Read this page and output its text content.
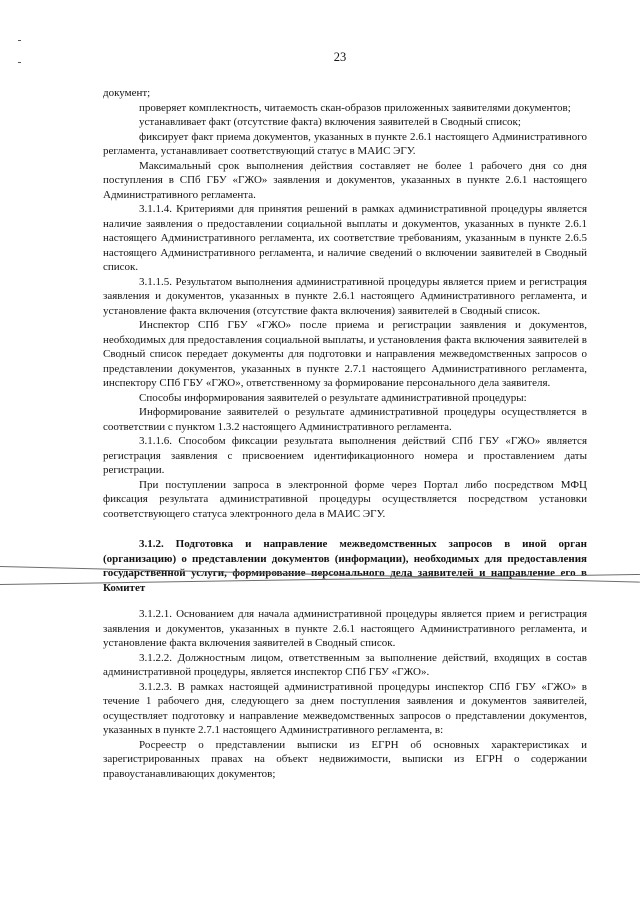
23

документ;

проверяет комплектность, читаемость скан-образов приложенных заявителями документов;

устанавливает факт (отсутствие факта) включения заявителей в Сводный список;

фиксирует факт приема документов, указанных в пункте 2.6.1 настоящего Административного регламента, устанавливает соответствующий статус в МАИС ЭГУ.

Максимальный срок выполнения действия составляет не более 1 рабочего дня со дня поступления в СПб ГБУ «ГЖО» заявления и документов, указанных в пункте 2.6.1 настоящего Административного регламента.

3.1.1.4. Критериями для принятия решений в рамках административной процедуры является наличие заявления о предоставлении социальной выплаты и документов, указанных в пункте 2.6.1 настоящего Административного регламента, их соответствие требованиям, указанным в пункте 2.6.5 настоящего Административного регламента, и наличие сведений о включении заявителей в Сводный список.

3.1.1.5. Результатом выполнения административной процедуры является прием и регистрация заявления и документов, указанных в пункте 2.6.1 настоящего Административного регламента, и установление факта включения (отсутствие факта включения) заявителей в Сводный список.

Инспектор СПб ГБУ «ГЖО» после приема и регистрации заявления и документов, необходимых для предоставления социальной выплаты, и установления факта включения заявителей в Сводный список передает документы для подготовки и направления межведомственных запросов о представлении документов, указанных в пункте 2.7.1 настоящего Административного регламента, инспектору СПб ГБУ «ГЖО», ответственному за формирование персонального дела заявителя.

Способы информирования заявителей о результате административной процедуры:

Информирование заявителей о результате административной процедуры осуществляется в соответствии с пунктом 1.3.2 настоящего Административного регламента.

3.1.1.6. Способом фиксации результата выполнения действий СПб ГБУ «ГЖО» является регистрация заявления с присвоением идентификационного номера и проставлением даты регистрации.

При поступлении запроса в электронной форме через Портал либо посредством МФЦ фиксация результата административной процедуры осуществляется посредством установки соответствующего статуса электронного дела в МАИС ЭГУ.

3.1.2. Подготовка и направление межведомственных запросов в иной орган (организацию) о представлении документов (информации), необходимых для предоставления государственной услуги, формирование персонального дела заявителей и направление его в Комитет

3.1.2.1. Основанием для начала административной процедуры является прием и регистрация заявления и документов, указанных в пункте 2.6.1 настоящего Административного регламента, и установление факта включения заявителей в Сводный список.

3.1.2.2. Должностным лицом, ответственным за выполнение действий, входящих в состав административной процедуры, является инспектор СПб ГБУ «ГЖО».

3.1.2.3. В рамках настоящей административной процедуры инспектор СПб ГБУ «ГЖО» в течение 1 рабочего дня, следующего за днем поступления заявления и документов заявителей, осуществляет подготовку и направление межведомственных запросов о представлении документов, указанных в пункте 2.7.1 настоящего Административного регламента, в:

Росреестр о представлении выписки из ЕГРН об основных характеристиках и зарегистрированных правах на объект недвижимости, выписки из ЕГРН о содержании правоустанавливающих документов;
